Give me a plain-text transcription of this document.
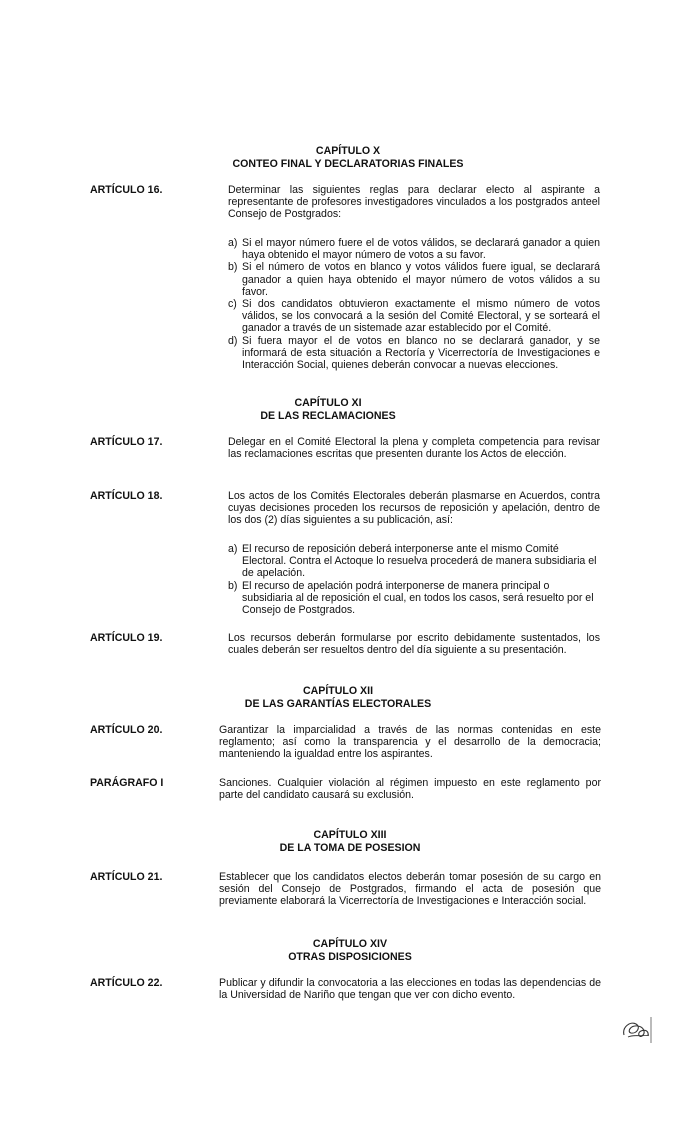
CAPÍTULO X
CONTEO FINAL Y DECLARATORIAS FINALES
ARTÍCULO 16.	Determinar las siguientes reglas para declarar electo al aspirante a representante de profesores investigadores vinculados a los postgrados anteel Consejo de Postgrados:

a) Si el mayor número fuere el de votos válidos, se declarará ganador a quien haya obtenido el mayor número de votos a su favor.
b) Si el número de votos en blanco y votos válidos fuere igual, se declarará ganador a quien haya obtenido el mayor número de votos válidos a su favor.
c) Si dos candidatos obtuvieron exactamente el mismo número de votos válidos, se los convocará a la sesión del Comité Electoral, y se sorteará el ganador a través de un sistemade azar establecido por el Comité.
d) Si fuera mayor el de votos en blanco no se declarará ganador, y se informará de esta situación a Rectoría y Vicerrectoría de Investigaciones e Interacción Social, quienes deberán convocar a nuevas elecciones.
CAPÍTULO XI
DE LAS RECLAMACIONES
ARTÍCULO 17.	Delegar en el Comité Electoral la plena y completa competencia para revisar las reclamaciones escritas que presenten durante los Actos de elección.

ARTÍCULO 18.	Los actos de los Comités Electorales deberán plasmarse en Acuerdos, contra cuyas decisiones proceden los recursos de reposición y apelación, dentro de los dos (2) días siguientes a su publicación, así:

a) El recurso de reposición deberá interponerse ante el mismo Comité Electoral. Contra el Actoque lo resuelva procederá de manera subsidiaria el de apelación.
b) El recurso de apelación podrá interponerse de manera principal o subsidiaria al de reposición el cual, en todos los casos, será resuelto por el Consejo de Postgrados.
ARTÍCULO 19.	Los recursos deberán formularse por escrito debidamente sustentados, los cuales deberán ser resueltos dentro del día siguiente a su presentación.

CAPÍTULO XII
DE LAS GARANTÍAS ELECTORALES
ARTÍCULO 20.	Garantizar la imparcialidad a través de las normas contenidas en este reglamento; así como la transparencia y el desarrollo de la democracia; manteniendo la igualdad entre los aspirantes.

PARÁGRAFO I	Sanciones. Cualquier violación al régimen impuesto en este reglamento por parte del candidato causará su exclusión.

CAPÍTULO XIII
DE LA TOMA DE POSESION
ARTÍCULO 21.	Establecer que los candidatos electos deberán tomar posesión de su cargo en sesión del Consejo de Postgrados, firmando el acta de posesión que previamente elaborará la Vicerrectoría de Investigaciones e Interacción social.

CAPÍTULO XIV
OTRAS DISPOSICIONES
ARTÍCULO 22.	Publicar y difundir la convocatoria a las elecciones en todas las dependencias de la Universidad de Nariño que tengan que ver con dicho evento.
